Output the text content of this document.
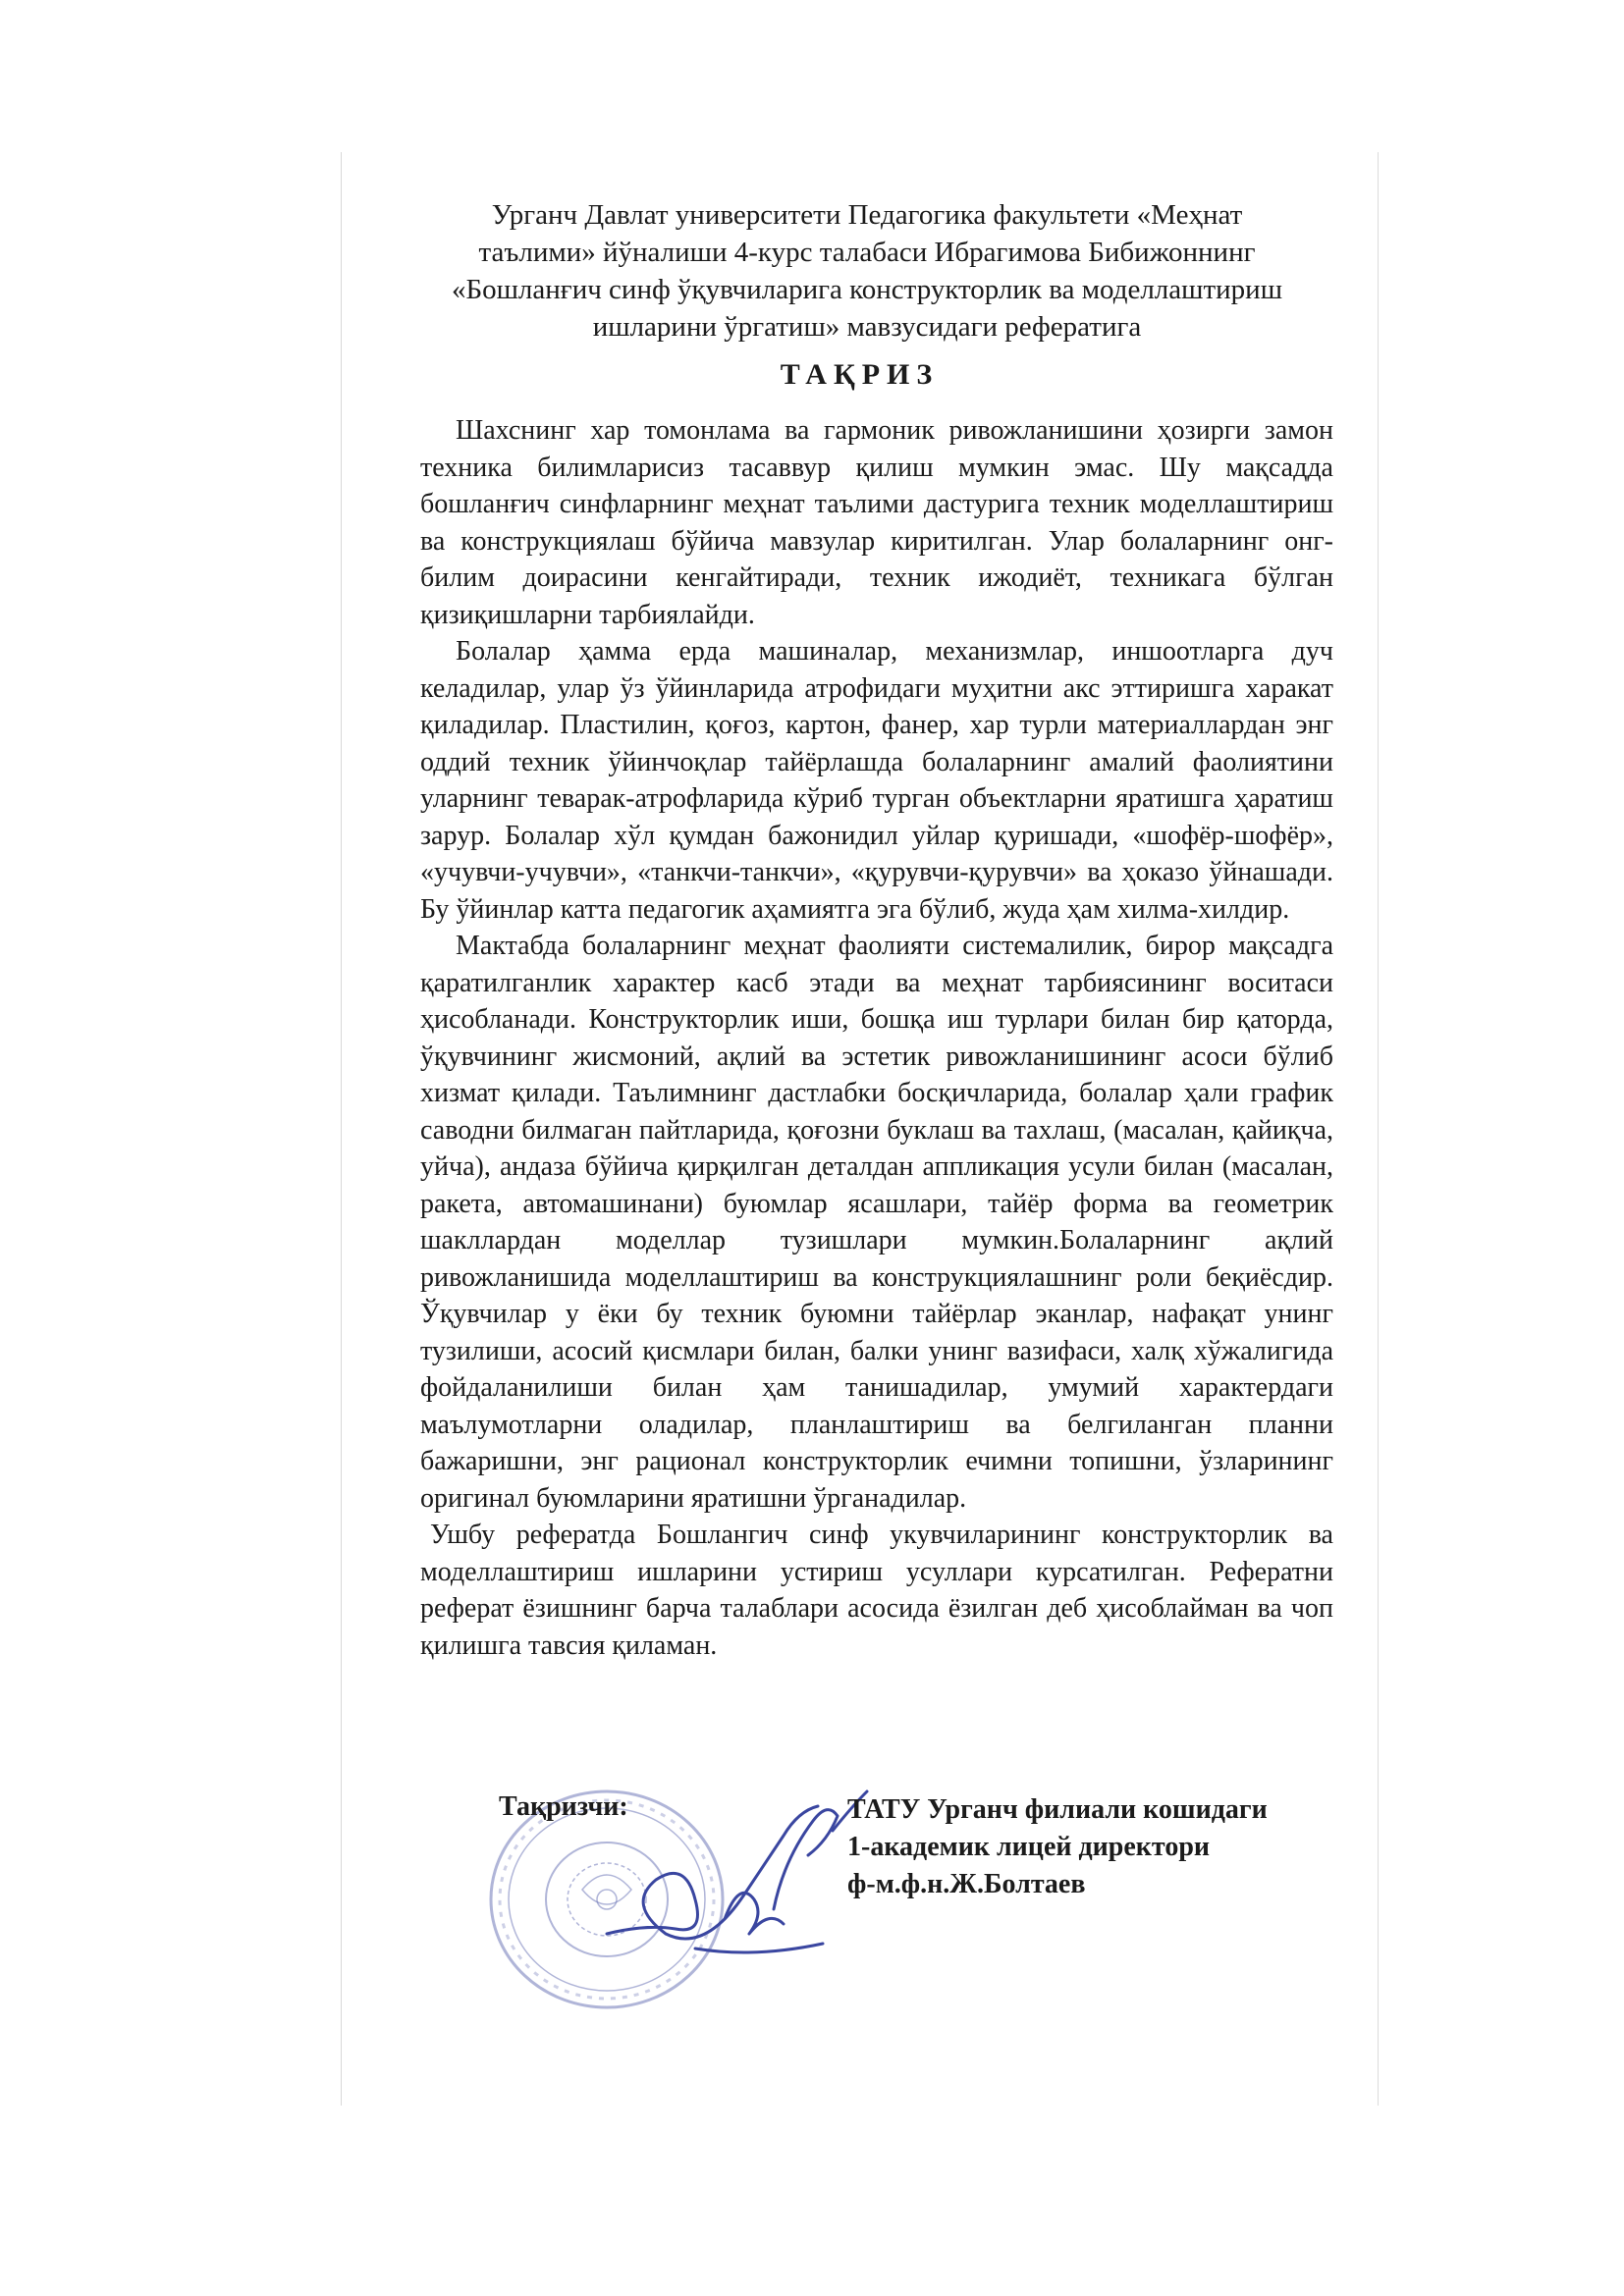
Урганч Давлат университети Педагогика факультети «Меҳнат
таълими» йўналиши 4-курс талабаси Ибрагимова Бибижоннинг
«Бошланғич синф ўқувчиларига конструкторлик ва моделлаштириш
ишларини ўргатиш» мавзусидаги рефератига
ТАҚРИЗ

Шахснинг хар томонлама ва гармоник ривожланишини ҳозирги замон техника билимларисиз тасаввур қилиш мумкин эмас. Шу мақсадда бошланғич синфларнинг меҳнат таълими дастурига техник моделлаштириш ва конструкциялаш бўйича мавзулар киритилган. Улар болаларнинг онг-билим доирасини кенгайтиради, техник ижодиёт, техникага бўлган қизиқишларни тарбиялайди.

Болалар ҳамма ерда машиналар, механизмлар, иншоотларга дуч келадилар, улар ўз ўйинларида атрофидаги муҳитни акс эттиришга харакат қиладилар. Пластилин, қоғоз, картон, фанер, хар турли материаллардан энг оддий техник ўйинчоқлар тайёрлашда болаларнинг амалий фаолиятини уларнинг теварак-атрофларида кўриб турган объектларни яратишга ҳаратиш зарур. Болалар хўл қумдан бажонидил уйлар қуришади, «шофёр-шофёр», «учувчи-учувчи», «танкчи-танкчи», «қурувчи-қурувчи» ва ҳоказо ўйнашади. Бу ўйинлар катта педагогик аҳамиятга эга бўлиб, жуда ҳам хилма-хилдир.

Мактабда болаларнинг меҳнат фаолияти системалилик, бирор мақсадга қаратилганлик характер касб этади ва меҳнат тарбиясининг воситаси ҳисобланади. Конструкторлик иши, бошқа иш турлари билан бир қаторда, ўқувчининг жисмоний, ақлий ва эстетик ривожланишининг асоси бўлиб хизмат қилади. Таълимнинг дастлабки босқичларида, болалар ҳали график саводни билмаган пайтларида, қоғозни буклаш ва тахлаш, (масалан, қайиқча, уйча), андаза бўйича қирқилган деталдан аппликация усули билан (масалан, ракета, автомашинани) буюмлар ясашлари, тайёр форма ва геометрик шакллардан моделлар тузишлари мумкин.Болаларнинг ақлий ривожланишида моделлаштириш ва конструкциялашнинг роли беқиёсдир. Ўқувчилар у ёки бу техник буюмни тайёрлар эканлар, нафақат унинг тузилиши, асосий қисмлари билан, балки унинг вазифаси, халқ хўжалигида фойдаланилиши билан ҳам танишадилар, умумий характердаги маълумотларни оладилар, планлаштириш ва белгиланган планни бажаришни, энг рационал конструкторлик ечимни топишни, ўзларининг оригинал буюмларини яратишни ўрганадилар.

Ушбу рефератда Бошлангич синф укувчиларининг конструкторлик ва моделлаштириш ишларини устириш усуллари курсатилган. Рефератни реферат ёзишнинг барча талаблари асосида ёзилган деб ҳисоблайман ва чоп қилишга тавсия қиламан.

Тақризчи:	ТАТУ Урганч филиали кошидаги
1-академик лицей директори
ф-м.ф.н.Ж.Болтаев
